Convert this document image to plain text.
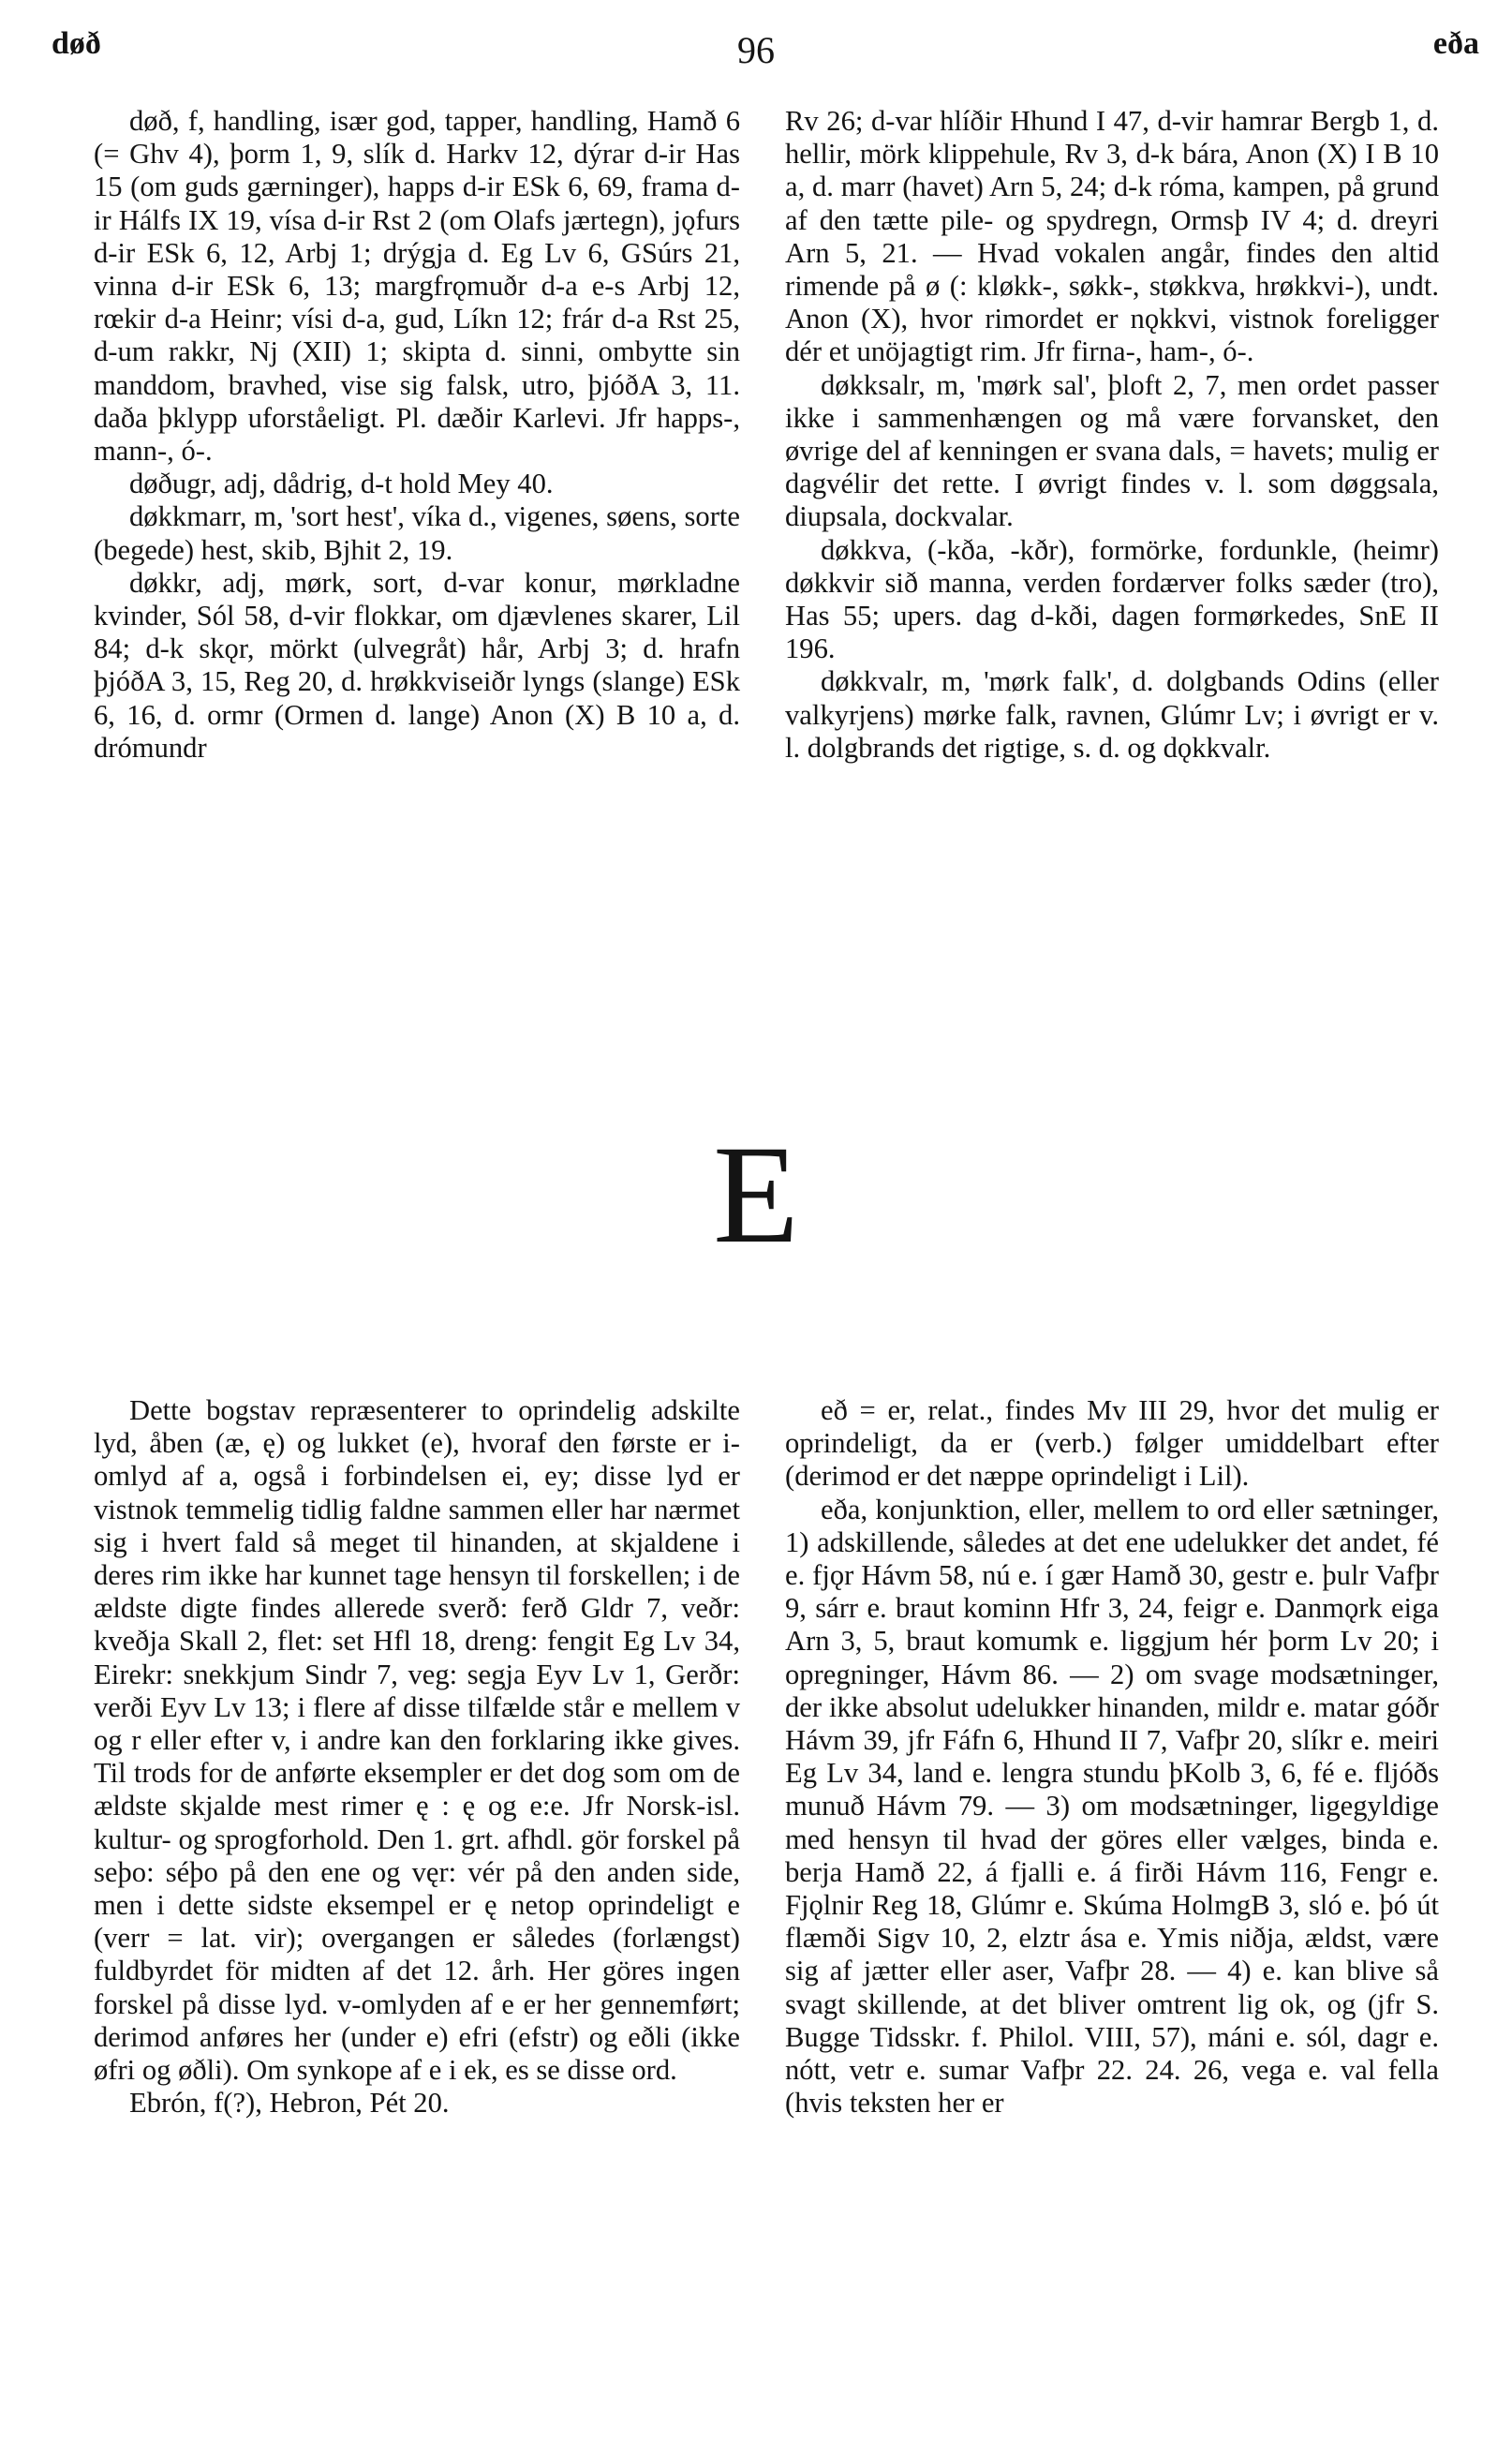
døð	96	eða

døð, f, handling, især god, tapper, handling, Hamð 6 (= Ghv 4), þorm 1, 9, slík d. Harkv 12, dýrar d-ir Has 15 (om guds gærninger), happs d-ir ESk 6, 69, frama d-ir Hálfs IX 19, vísa d-ir Rst 2 (om Olafs jærtegn), jǫfurs d-ir ESk 6, 12, Arbj 1; drýgja d. Eg Lv 6, GSúrs 21, vinna d-ir ESk 6, 13; margfrǫmuðr d-a e-s Arbj 12, rœkir d-a Heinr; vísi d-a, gud, Líkn 12; frár d-a Rst 25, d-um rakkr, Nj (XII) 1; skipta d. sinni, ombytte sin manddom, bravhed, vise sig falsk, utro, þjóðA 3, 11. daða þklypp uforståeligt. Pl. dæðir Karlevi. Jfr happs-, mann-, ó-.

døðugr, adj, dådrig, d-t hold Mey 40.

døkkmarr, m, 'sort hest', víka d., vigenes, søens, sorte (begede) hest, skib, Bjhit 2, 19.

døkkr, adj, mørk, sort, d-var konur, mørkladne kvinder, Sól 58, d-vir flokkar, om djævlenes skarer, Lil 84; d-k skǫr, mörkt (ulvegråt) hår, Arbj 3; d. hrafn þjóðA 3, 15, Reg 20, d. hrøkkviseiðr lyngs (slange) ESk 6, 16, d. ormr (Ormen d. lange) Anon (X) B 10 a, d. drómundr

Rv 26; d-var hlíðir Hhund I 47, d-vir hamrar Bergb 1, d. hellir, mörk klippehule, Rv 3, d-k bára, Anon (X) I B 10 a, d. marr (havet) Arn 5, 24; d-k róma, kampen, på grund af den tætte pile- og spydregn, Ormsþ IV 4; d. dreyri Arn 5, 21. — Hvad vokalen angår, findes den altid rimende på ø (: kløkk-, søkk-, støkkva, hrøkkvi-), undt. Anon (X), hvor rimordet er nǫkkvi, vistnok foreligger dér et unöjagtigt rim. Jfr firna-, ham-, ó-.

døkksalr, m, 'mørk sal', þloft 2, 7, men ordet passer ikke i sammenhængen og må være forvansket, den øvrige del af kenningen er svana dals, = havets; mulig er dagvélir det rette. I øvrigt findes v. l. som døggsala, diupsala, dockvalar.

døkkva, (-kða, -kðr), formörke, fordunkle, (heimr) døkkvir sið manna, verden fordærver folks sæder (tro), Has 55; upers. dag d-kði, dagen formørkedes, SnE II 196.

døkkvalr, m, 'mørk falk', d. dolgbands Odins (eller valkyrjens) mørke falk, ravnen, Glúmr Lv; i øvrigt er v. l. dolgbrands det rigtige, s. d. og dǫkkvalr.

E

Dette bogstav repræsenterer to oprindelig adskilte lyd, åben (æ, ę) og lukket (e), hvoraf den første er i-omlyd af a, også i forbindelsen ei, ey; disse lyd er vistnok temmelig tidlig faldne sammen eller har nærmet sig i hvert fald så meget til hinanden, at skjaldene i deres rim ikke har kunnet tage hensyn til forskellen; i de ældste digte findes allerede sverð: ferð Gldr 7, veðr: kveðja Skall 2, flet: set Hfl 18, dreng: fengit Eg Lv 34, Eirekr: snekkjum Sindr 7, veg: segja Eyv Lv 1, Gerðr: verði Eyv Lv 13; i flere af disse tilfælde står e mellem v og r eller efter v, i andre kan den forklaring ikke gives. Til trods for de anførte eksempler er det dog som om de ældste skjalde mest rimer ę : ę og e:e. Jfr Norsk-isl. kultur- og sprogforhold. Den 1. grt. afhdl. gör forskel på seþo: séþo på den ene og vęr: vér på den anden side, men i dette sidste eksempel er ę netop oprindeligt e (verr = lat. vir); overgangen er således (forlængst) fuldbyrdet för midten af det 12. årh. Her göres ingen forskel på disse lyd. v-omlyden af e er her gennemført; derimod anføres her (under e) efri (efstr) og eðli (ikke øfri og øðli). Om synkope af e i ek, es se disse ord.

Ebrón, f(?), Hebron, Pét 20.

eð = er, relat., findes Mv III 29, hvor det mulig er oprindeligt, da er (verb.) følger umiddelbart efter (derimod er det næppe oprindeligt i Lil).

eða, konjunktion, eller, mellem to ord eller sætninger, 1) adskillende, således at det ene udelukker det andet, fé e. fjǫr Hávm 58, nú e. í gær Hamð 30, gestr e. þulr Vafþr 9, sárr e. braut kominn Hfr 3, 24, feigr e. Danmǫrk eiga Arn 3, 5, braut komumk e. liggjum hér þorm Lv 20; i opregninger, Hávm 86. — 2) om svage modsætninger, der ikke absolut udelukker hinanden, mildr e. matar góðr Hávm 39, jfr Fáfn 6, Hhund II 7, Vafþr 20, slíkr e. meiri Eg Lv 34, land e. lengra stundu þKolb 3, 6, fé e. fljóðs munuð Hávm 79. — 3) om modsætninger, ligegyldige med hensyn til hvad der göres eller vælges, binda e. berja Hamð 22, á fjalli e. á firði Hávm 116, Fengr e. Fjǫlnir Reg 18, Glúmr e. Skúma HolmgB 3, sló e. þó út flæmði Sigv 10, 2, elztr ása e. Ymis niðja, ældst, være sig af jætter eller aser, Vafþr 28. — 4) e. kan blive så svagt skillende, at det bliver omtrent lig ok, og (jfr S. Bugge Tidsskr. f. Philol. VIII, 57), máni e. sól, dagr e. nótt, vetr e. sumar Vafþr 22. 24. 26, vega e. val fella (hvis teksten her er
